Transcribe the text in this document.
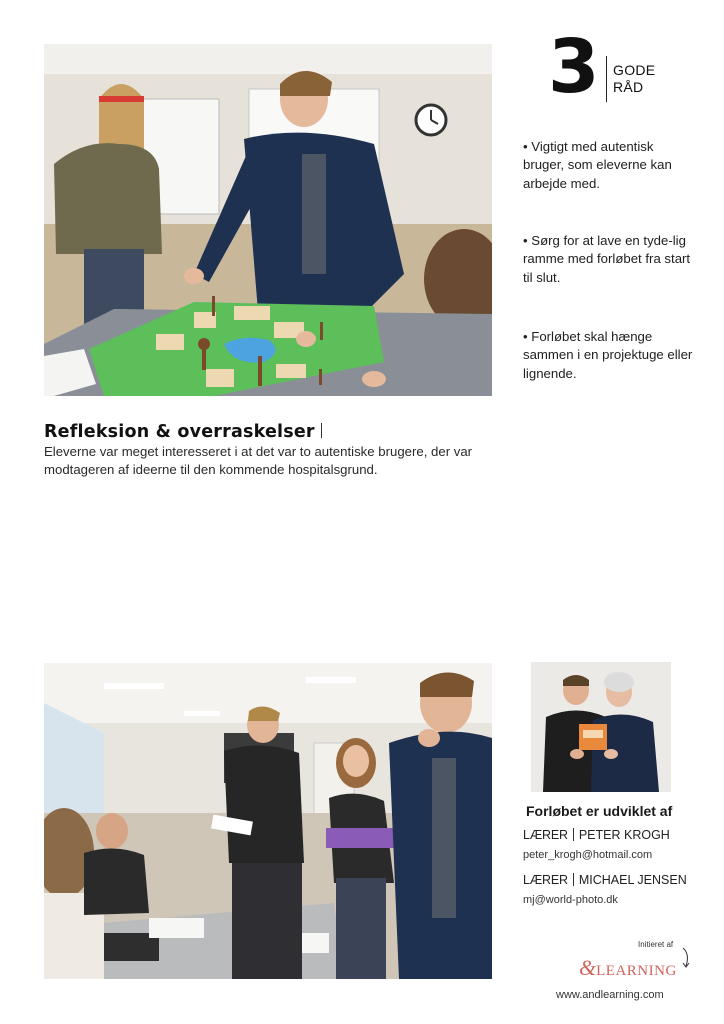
3 GODE
RÅD
• Vigtigt med autentisk bruger, som eleverne kan arbejde med.
• Sørg for at lave en tyde-lig ramme med forløbet fra start til slut.
• Forløbet skal hænge sammen i en projektuge eller lignende.
Refleksion & overraskelser
Eleverne var meget interesseret i at det var to autentiske brugere, der var modtageren af ideerne til den kommende hospitalsgrund.
Forløbet er udviklet af
LÆRER PETER KROGH
peter_krogh@hotmail.com
LÆRER MICHAEL JENSEN
mj@world-photo.dk
Initieret af
&LEARNING
www.andlearning.com
